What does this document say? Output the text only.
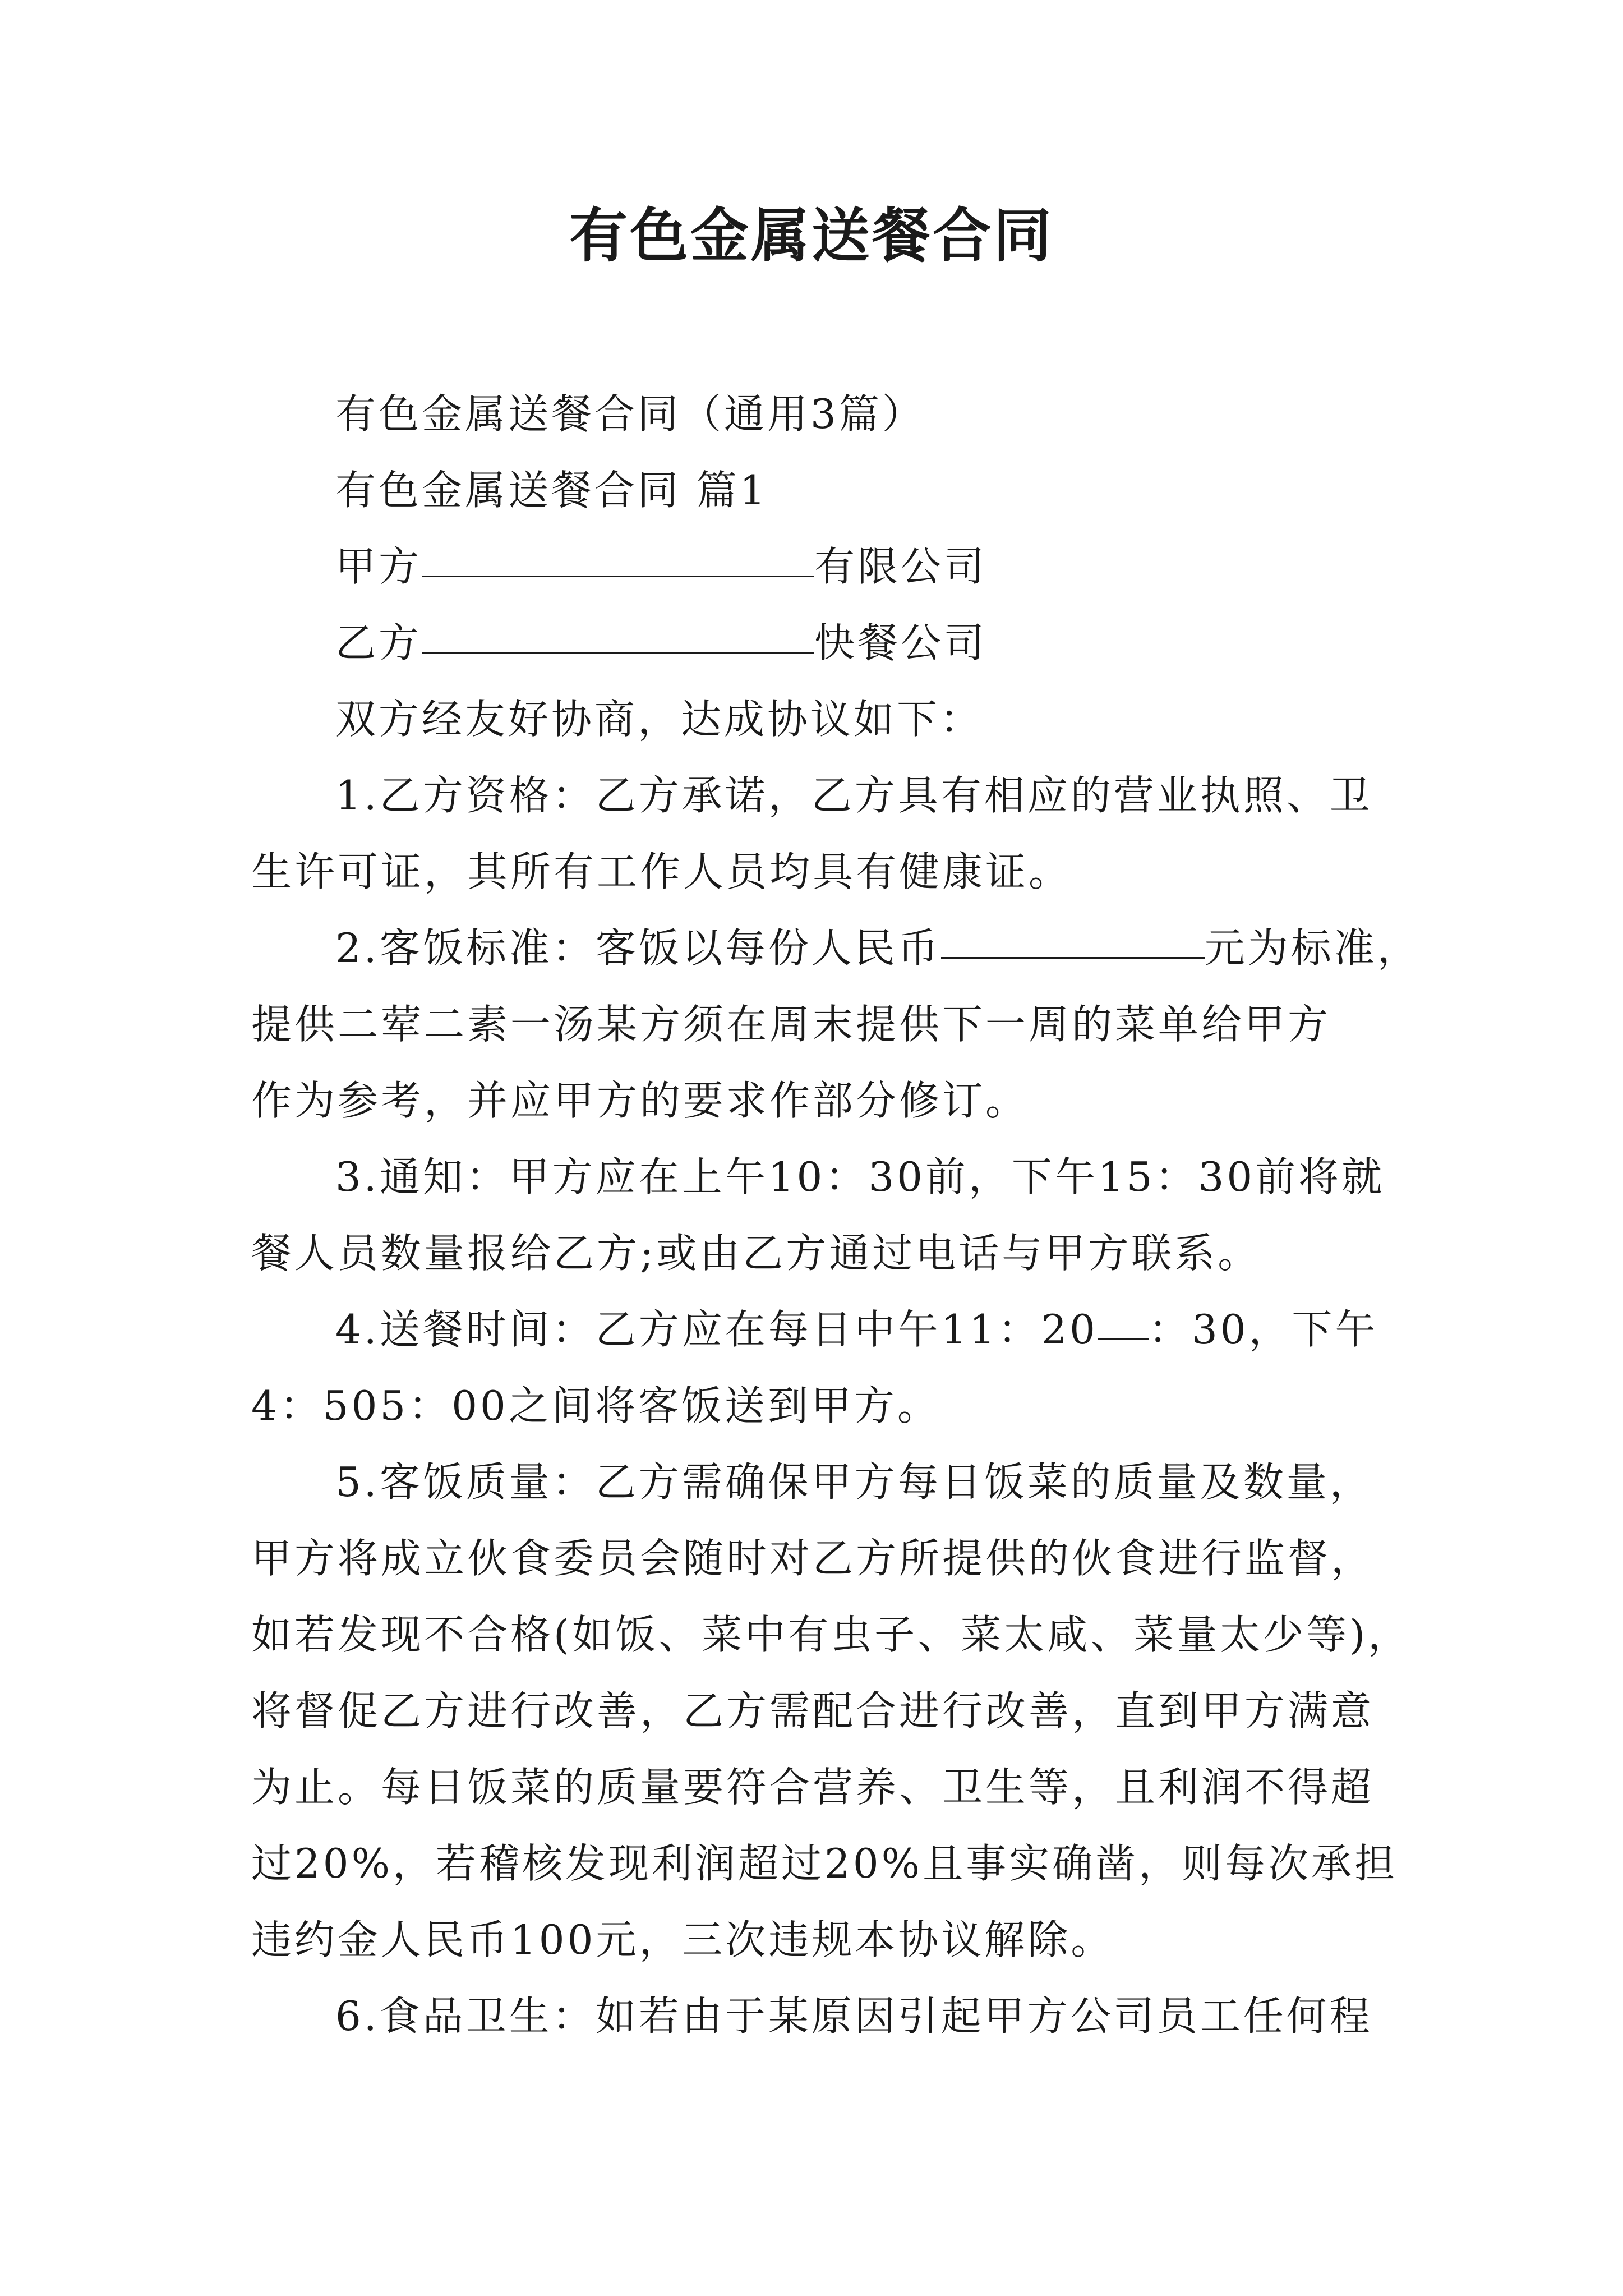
有色金属送餐合同
有色金属送餐合同（通用3篇）
有色金属送餐合同 篇1
甲方	有限公司
乙方	快餐公司
双方经友好协商，达成协议如下：
1.乙方资格：乙方承诺，乙方具有相应的营业执照、卫
生许可证，其所有工作人员均具有健康证。
2.客饭标准：客饭以每份人民币	元为标准，
提供二荤二素一汤某方须在周末提供下一周的菜单给甲方
作为参考，并应甲方的要求作部分修订。
3.通知：甲方应在上午10：30前，下午15：30前将就
餐人员数量报给乙方;或由乙方通过电话与甲方联系。
4.送餐时间：乙方应在每日中午11：20 ：30，下午
4：505：00之间将客饭送到甲方。
5.客饭质量：乙方需确保甲方每日饭菜的质量及数量，
甲方将成立伙食委员会随时对乙方所提供的伙食进行监督，
如若发现不合格(如饭、菜中有虫子、菜太咸、菜量太少等)，
将督促乙方进行改善，乙方需配合进行改善，直到甲方满意
为止。每日饭菜的质量要符合营养、卫生等，且利润不得超
过20%，若稽核发现利润超过20%且事实确凿，则每次承担
违约金人民币100元，三次违规本协议解除。
6.食品卫生：如若由于某原因引起甲方公司员工任何程
